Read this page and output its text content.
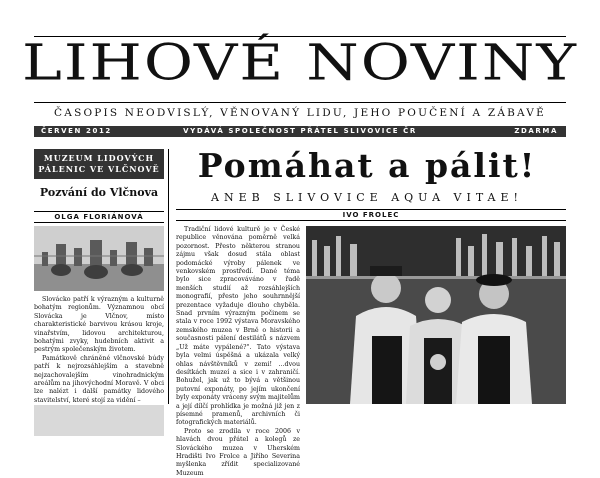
LIHOVÉ NOVINY
ČASOPIS NEODVISLÝ, VĚNOVANÝ LIDU, JEHO POUČENÍ A ZÁBAVĚ
ČERVEN 2012	VYDÁVÁ SPOLEČNOST PŘÁTEL SLIVOVICE ČR	ZDARMA
MUZEUM LIDOVÝCH
PÁLENIC VE VLČNOVĚ
Pozvání do Vlčnova
OLGA FLORIÁNOVÁ

Slovácko patří k výrazným a kulturně bohatým regionům. Významnou obcí Slovácka je Vlčnov, místo charakteristické barvivou krásou kroje, vinařstvím, lidovou architekturou, bohatými zvyky, hudebních aktivit a pestrým společenským životem.

Památkově chráněné vlčnovské búdy patří k nejrozsáhlejším a stavebně nejzachovalejším vinohradnickým areálům na jihovýchodní Moravě. V obci lze nalézt i další památky lidového stavitelství, které stojí za vidění –

Pomáhat a pálit!
ANEB SLIVOVICE AQUA VITAE!
IVO FROLEC

Tradiční lidové kulturě je v České republice věnována poměrně velká pozornost. Přesto některou stranou zájmu však dosud stála oblast podomácké výroby pálenek ve venkovském prostředí. Dané téma bylo sice zpracováváno v řadě menších studií až rozsáhlejších monografií, přesto jeho souhrnnější prezentace vyžaduje dlouho chyběla. Snad prvním výrazným počinem se stala v roce 1992 výstava Moravského zemského muzea v Brně o historii a současnosti pálení destilátů s názvem „Už máte vypálené?". Tato výstava byla velmi úspěšná a ukázala velký ohlas návštěvníků v zemi! ...dvou desítkách muzeí a sice i v zahraničí. Bohužel, jak už to bývá a většinou putovní exponáty, po jejím ukončení byly exponáty vráceny svým majitelům a její dílčí prohlídka je možná již jen z písemné pramenů, archivních či fotografických materiálů.

Proto se zrodila v roce 2006 v hlavách dvou přátel a kolegů ze Slováckého muzea v Uherském Hradišti Ivo Frolce a Jiřího Severina myšlenka zřídit specializované Muzeum
